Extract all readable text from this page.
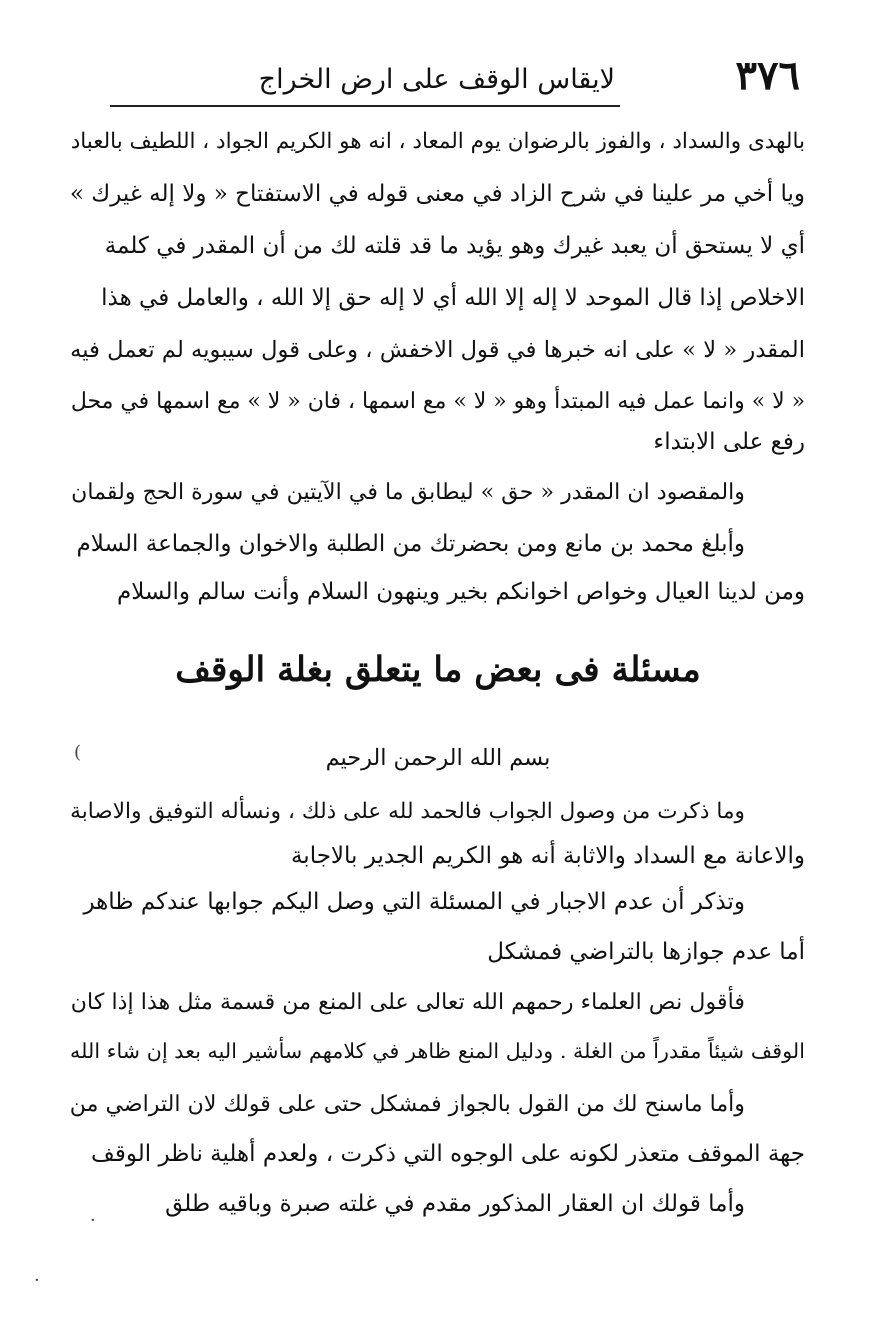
٣٧٦
لايقاس الوقف على ارض الخراج
بالهدى والسداد ، والفوز بالرضوان يوم المعاد ، انه هو الكريم الجواد ، اللطيف بالعباد
ويا أخي مر علينا في شرح الزاد في معنى قوله في الاستفتاح « ولا إله غيرك »
أي لا يستحق أن يعبد غيرك وهو يؤيد ما قد قلته لك من أن المقدر في كلمة
الاخلاص إذا قال الموحد لا إله إلا الله أي لا إله حق إلا الله ، والعامل في هذا
المقدر « لا » على انه خبرها في قول الاخفش ، وعلى قول سيبويه لم تعمل فيه
« لا » وانما عمل فيه المبتدأ وهو « لا » مع اسمها ، فان « لا » مع اسمها في محل
رفع على الابتداء
والمقصود ان المقدر « حق » ليطابق ما في الآيتين في سورة الحج ولقمان
وأبلغ محمد بن مانع ومن بحضرتك من الطلبة والاخوان والجماعة السلام
ومن لدينا العيال وخواص اخوانكم بخير وينهون السلام وأنت سالم والسلام
مسئلة فى بعض ما يتعلق بغلة الوقف
بسم الله الرحمن الرحيم
وما ذكرت من وصول الجواب فالحمد لله على ذلك ، ونسأله التوفيق والاصابة
والاعانة مع السداد والاثابة أنه هو الكريم الجدير بالاجابة
وتذكر أن عدم الاجبار في المسئلة التي وصل اليكم جوابها عندكم ظاهر
أما عدم جوازها بالتراضي فمشكل
فأقول نص العلماء رحمهم الله تعالى على المنع من قسمة مثل هذا إذا كان
الوقف شيئاً مقدراً من الغلة . ودليل المنع ظاهر في كلامهم سأشير اليه بعد إن شاء الله
وأما ماسنح لك من القول بالجواز فمشكل حتى على قولك لان التراضي من
جهة الموقف متعذر لكونه على الوجوه التي ذكرت ، ولعدم أهلية ناظر الوقف
وأما قولك ان العقار المذكور مقدم في غلته صبرة وباقيه طلق
(
·
·
